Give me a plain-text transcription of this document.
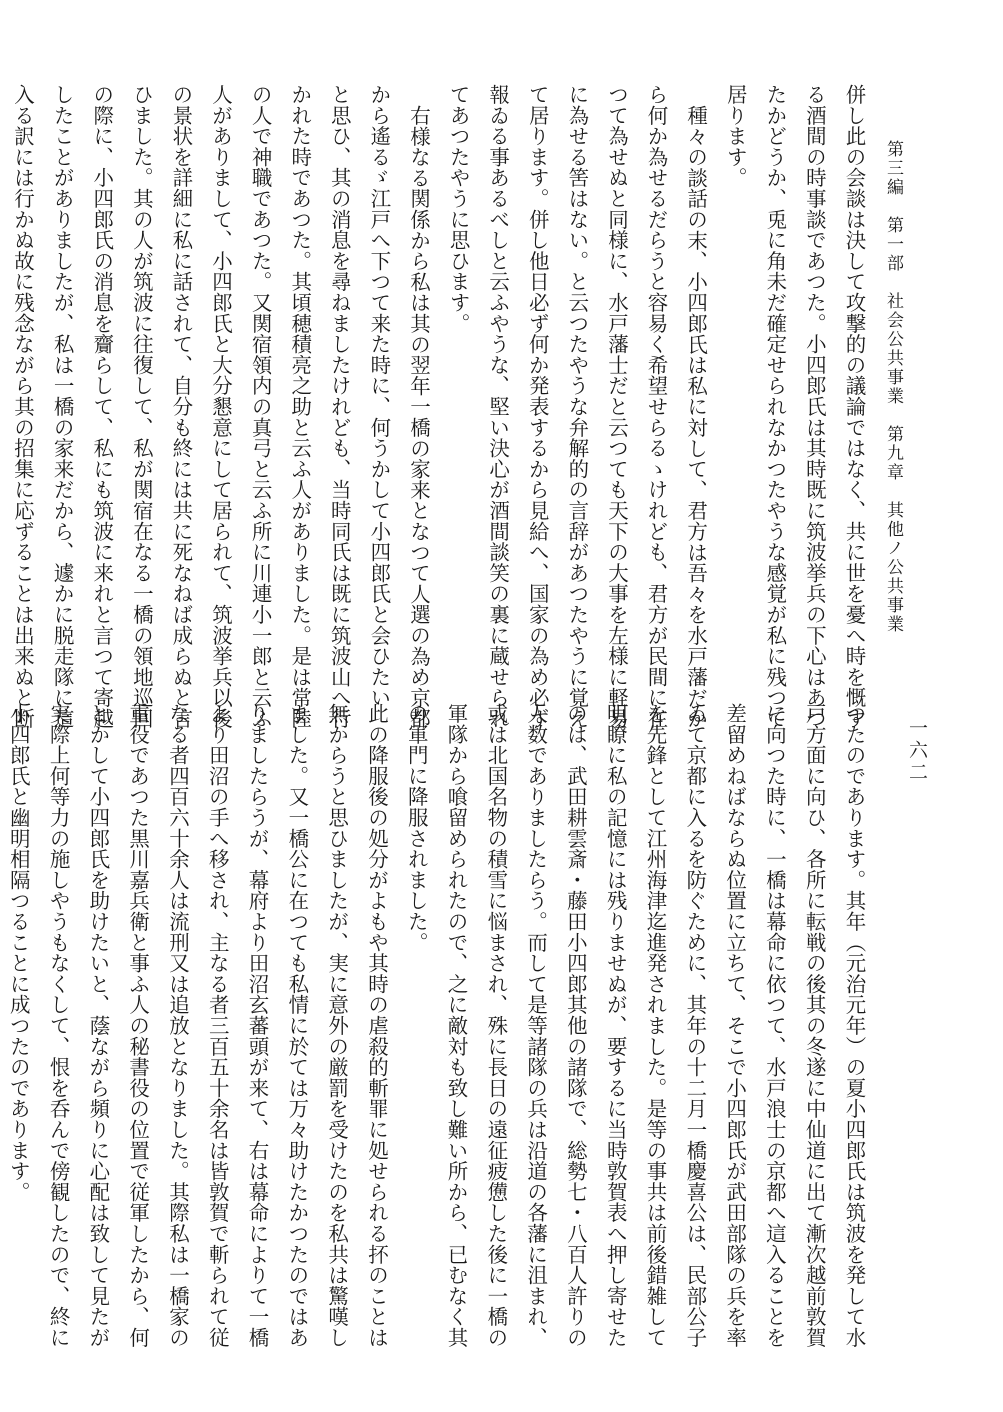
第三編　第一部　社会公共事業　第九章　其他ノ公共事業
一六二
併し此の会談は決して攻撃的の議論ではなく、共に世を憂へ時を慨す
る酒間の時事談であつた。小四郎氏は其時既に筑波挙兵の下心はあつ
たかどうか、兎に角未だ確定せられなかつたやうな感覚が私に残つて
居ります。
種々の談話の末、小四郎氏は私に対して、君方は吾々を水戸藩だか
ら何か為せるだらうと容易く希望せらるゝけれども、君方が民間に在
つて為せぬと同様に、水戸藩士だと云つても天下の大事を左様に軽易
に為せる筈はない。と云つたやうな弁解的の言辞があつたやうに覚え
て居ります。併し他日必ず何か発表するから見給へ、国家の為め必ず
報ゐる事あるべしと云ふやうな、堅い決心が酒間談笑の裏に蔵せられ
てあつたやうに思ひます。
右様なる関係から私は其の翌年一橋の家来となつて人選の為め京都
から遙るゞ江戸へ下つて来た時に、何うかして小四郎氏と会ひたい
と思ひ、其の消息を尋ねましたけれども、当時同氏は既に筑波山へ行
かれた時であつた。其頃穂積亮之助と云ふ人がありました。是は常陸
の人で神職であつた。又関宿領内の真弓と云ふ所に川連小一郎と云ふ
人がありまして、小四郎氏と大分懇意にして居られて、筑波挙兵以後
の景状を詳細に私に話されて、自分も終には共に死なねば成らぬと言
ひました。其の人が筑波に往復して、私が関宿在なる一橋の領地巡回
の際に、小四郎氏の消息を齎らして、私にも筑波に来れと言つて寄越
したことがありましたが、私は一橋の家来だから、遽かに脱走隊に這
入る訳には行かぬ故に残念ながら其の招集に応ずることは出来ぬと断
つたのであります。其年（元治元年）の夏小四郎氏は筑波を発して水
戸方面に向ひ、各所に転戦の後其の冬遂に中仙道に出て漸次越前敦賀
に向つた時に、一橋は幕命に依つて、水戸浪士の京都へ這入ることを
差留めねばならぬ位置に立ちて、そこで小四郎氏が武田部隊の兵を率
ゐて京都に入るを防ぐために、其年の十二月一橋慶喜公は、民部公子
を先鋒として江州海津迄進発されました。是等の事共は前後錯雑して
明瞭に私の記憶には残りませぬが、要するに当時敦賀表へ押し寄せた
のは、武田耕雲斎・藤田小四郎其他の諸隊で、総勢七・八百人許りの
人数でありましたらう。而して是等諸隊の兵は沿道の各藩に沮まれ、
或は北国名物の積雪に悩まされ、殊に長日の遠征疲憊した後に一橋の
軍隊から喰留められたので、之に敵対も致し難い所から、已むなく其
の軍門に降服されました。
此の降服後の処分がよもや其時の虐殺的斬罪に処せられる抔のことは
無からうと思ひましたが、実に意外の厳罰を受けたのを私共は驚嘆し
ました。又一橋公に在つても私情に於ては万々助けたかつたのではあ
りましたらうが、幕府より田沼玄蕃頭が来て、右は幕命によりて一橋
より田沼の手へ移され、主なる者三百五十余名は皆敦賀で斬られて従
なる者四百六十余人は流刑又は追放となりました。其際私は一橋家の
重役であつた黒川嘉兵衛と事ふ人の秘書役の位置で従軍したから、何
とかして小四郎氏を助けたいと、蔭ながら頻りに心配は致して見たが
実際上何等力の施しやうもなくして、恨を呑んで傍観したので、終に
小四郎氏と幽明相隔つることに成つたのであります。
